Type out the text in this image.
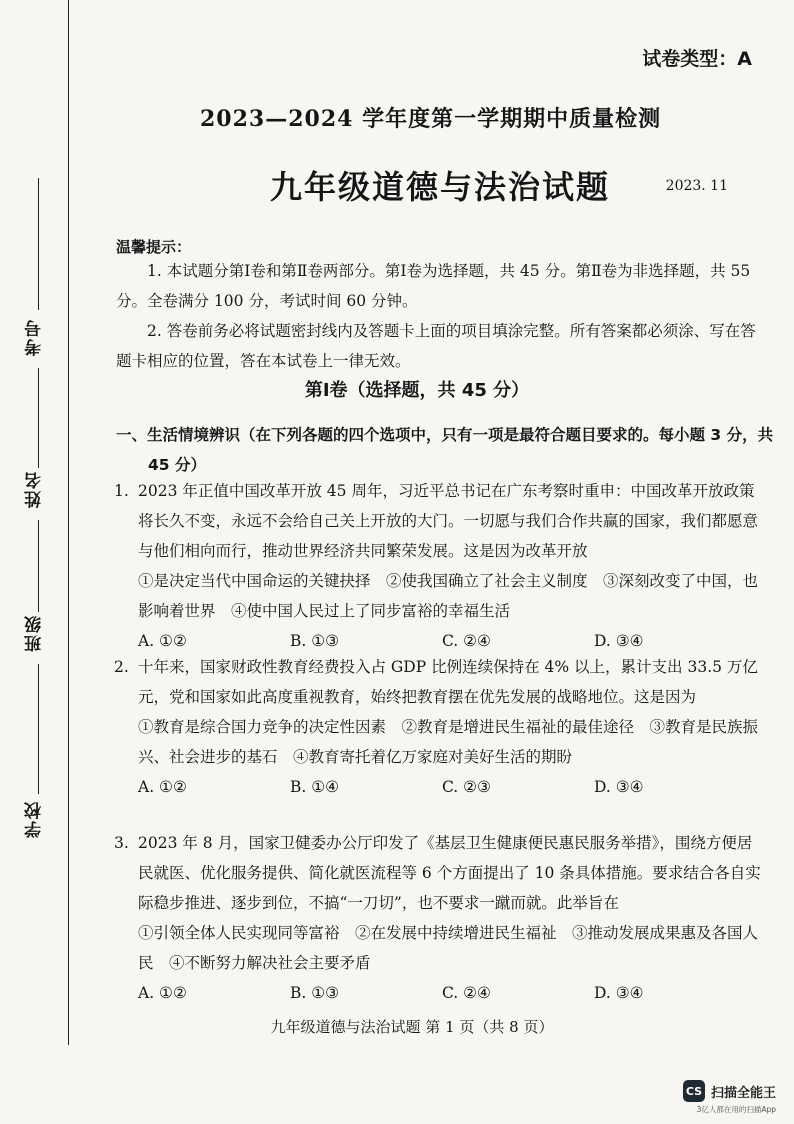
考号
姓名
班级
学校
试卷类型：A
2023—2024 学年度第一学期期中质量检测
九年级道德与法治试题	2023. 11
温馨提示：
1. 本试题分第Ⅰ卷和第Ⅱ卷两部分。第Ⅰ卷为选择题，共 45 分。第Ⅱ卷为非选择题，共 55 分。全卷满分 100 分，考试时间 60 分钟。
2. 答卷前务必将试题密封线内及答题卡上面的项目填涂完整。所有答案都必须涂、写在答题卡相应的位置，答在本试卷上一律无效。
第Ⅰ卷（选择题，共 45 分）
一、生活情境辨识（在下列各题的四个选项中，只有一项是最符合题目要求的。每小题 3 分，共 45 分）
1. 2023 年正值中国改革开放 45 周年，习近平总书记在广东考察时重申：中国改革开放政策将长久不变，永远不会给自己关上开放的大门。一切愿与我们合作共赢的国家，我们都愿意与他们相向而行，推动世界经济共同繁荣发展。这是因为改革开放
①是决定当代中国命运的关键抉择　②使我国确立了社会主义制度　③深刻改变了中国，也影响着世界　④使中国人民过上了同步富裕的幸福生活
A. ①②	B. ①③	C. ②④	D. ③④
2. 十年来，国家财政性教育经费投入占 GDP 比例连续保持在 4% 以上，累计支出 33.5 万亿元，党和国家如此高度重视教育，始终把教育摆在优先发展的战略地位。这是因为
①教育是综合国力竞争的决定性因素　②教育是增进民生福祉的最佳途径　③教育是民族振兴、社会进步的基石　④教育寄托着亿万家庭对美好生活的期盼
A. ①②	B. ①④	C. ②③	D. ③④
3. 2023 年 8 月，国家卫健委办公厅印发了《基层卫生健康便民惠民服务举措》，围绕方便居民就医、优化服务提供、简化就医流程等 6 个方面提出了 10 条具体措施。要求结合各自实际稳步推进、逐步到位，不搞“一刀切”，也不要求一蹴而就。此举旨在
①引领全体人民实现同等富裕　②在发展中持续增进民生福祉　③推动发展成果惠及各国人民　④不断努力解决社会主要矛盾
A. ①②	B. ①③	C. ②④	D. ③④
九年级道德与法治试题 第 1 页（共 8 页）
CS 扫描全能王
3亿人都在用的扫描App
